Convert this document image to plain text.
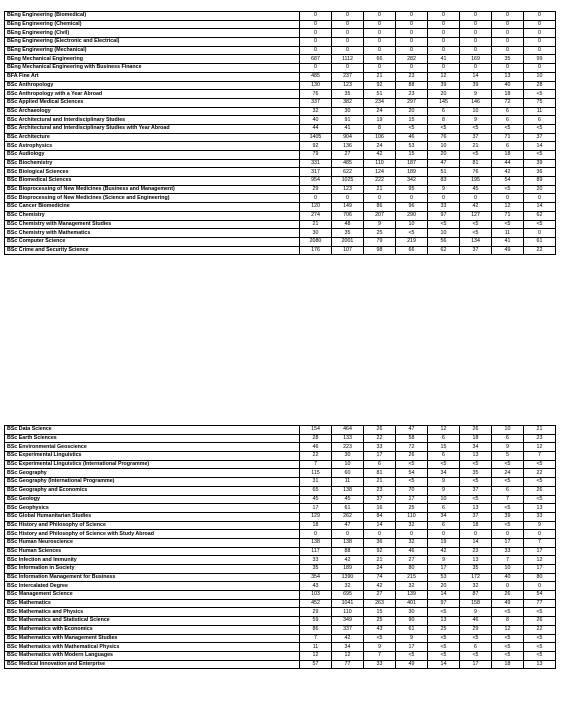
BEng Engineering (Biomedical)	0	0	0	0	0	0	0	0
BEng Engineering (Chemical)	0	0	0	0	0	0	0	0
BEng Engineering (Civil)	0	0	0	0	0	0	0	0
BEng Engineering (Electronic and Electrical)	0	0	0	0	0	0	0	0
BEng Engineering (Mechanical)	0	0	0	0	0	0	0	0
BEng Mechanical Engineering	687	1112	66	282	41	169	35	99
BEng Mechanical Engineering with Business Finance	0	0	0	0	0	0	0	0
BFA Fine Art	485	237	21	23	12	14	13	10
BSc Anthropology	130	123	92	88	39	39	40	28
BSc Anthropology with a Year Abroad	76	35	51	23	20	9	18	<5
BSc Applied Medical Sciences	337	382	234	297	145	146	72	75
BSc Archaeology	32	30	24	20	6	10	6	11
BSc Architectural and Interdisciplinary Studies	40	91	19	15	8	9	6	6
BSc Architectural and Interdisciplinary Studies with Year Abroad	44	41	8	<5	<5	<5	<5	<5
BSc Architecture	1405	904	106	46	76	37	71	37
BSc Astrophysics	92	136	24	53	10	21	6	14
BSc Audiology	79	27	42	15	20	<5	18	<5
BSc Biochemistry	331	485	110	187	47	81	44	39
BSc Biological Sciences	317	622	124	189	51	76	42	36
BSc Biomedical Sciences	954	1025	222	342	83	195	54	89
BSc Bioprocessing of New Medicines (Business and Management)	29	123	21	95	9	45	<5	20
BSc Bioprocessing of New Medicines (Science and Engineering)	0	0	0	0	0	0	0	0
BSc Cancer Biomedicine	120	149	86	96	33	42	12	14
BSc Chemistry	274	706	207	290	97	127	71	62
BSc Chemistry with Management Studies	21	48	9	10	<5	<5	<5	<5
BSc Chemistry with Mathematics	30	35	25	<5	10	<5	11	0
BSc Computer Science	2080	2001	79	219	56	134	41	61
BSc Crime and Security Science	176	107	98	66	62	37	49	22
BSc Data Science	154	464	26	47	12	26	10	21
BSc Earth Sciences	28	133	22	58	6	18	6	23
BSc Environmental Geoscience	46	223	33	72	15	34	9	12
BSc Experimental Linguistics	22	30	17	26	6	13	5	7
BSc Experimental Linguistics (International Programme)	7	10	6	<5	<5	<5	<5	<5
BSc Geography	115	60	81	54	34	35	24	22
BSc Geography (International Programme)	31	11	21	<5	9	<5	<5	<5
BSc Geography and Economics	65	138	23	70	9	37	6	26
BSc Geology	45	45	37	17	10	<5	7	<5
BSc Geophysics	17	61	16	25	6	13	<5	13
BSc Global Humanitarian Studies	129	262	84	110	34	37	39	33
BSc History and Philosophy of Science	18	47	14	32	6	18	<5	9
BSc History and Philosophy of Science with Study Abroad	0	0	0	0	0	0	0	0
BSc Human Neuroscience	138	138	36	32	19	14	17	7
BSc Human Sciences	117	88	92	46	42	23	33	17
BSc Infection and Immunity	33	42	21	27	9	13	7	12
BSc Information in Society	35	189	24	80	17	35	10	17
BSc Information Management for Business	354	1390	74	215	53	172	40	80
BSc Intercalated Degree	43	32	42	32	20	32	0	0
BSc Management Science	103	695	27	139	14	87	26	54
BSc Mathematics	452	1041	263	401	97	158	49	77
BSc Mathematics and Physics	29	110	15	30	<5	9	<5	<5
BSc Mathematics and Statistical Science	59	349	25	90	13	46	8	26
BSc Mathematics with Economics	86	337	43	61	25	29	12	22
BSc Mathematics with Management Studies	7	42	<5	9	<5	<5	<5	<5
BSc Mathematics with Mathematical Physics	11	34	9	17	<5	6	<5	<5
BSc Mathematics with Modern Languages	12	12	7	<5	<5	<5	<5	<5
BSc Medical Innovation and Enterprise	57	77	33	49	14	17	18	13
